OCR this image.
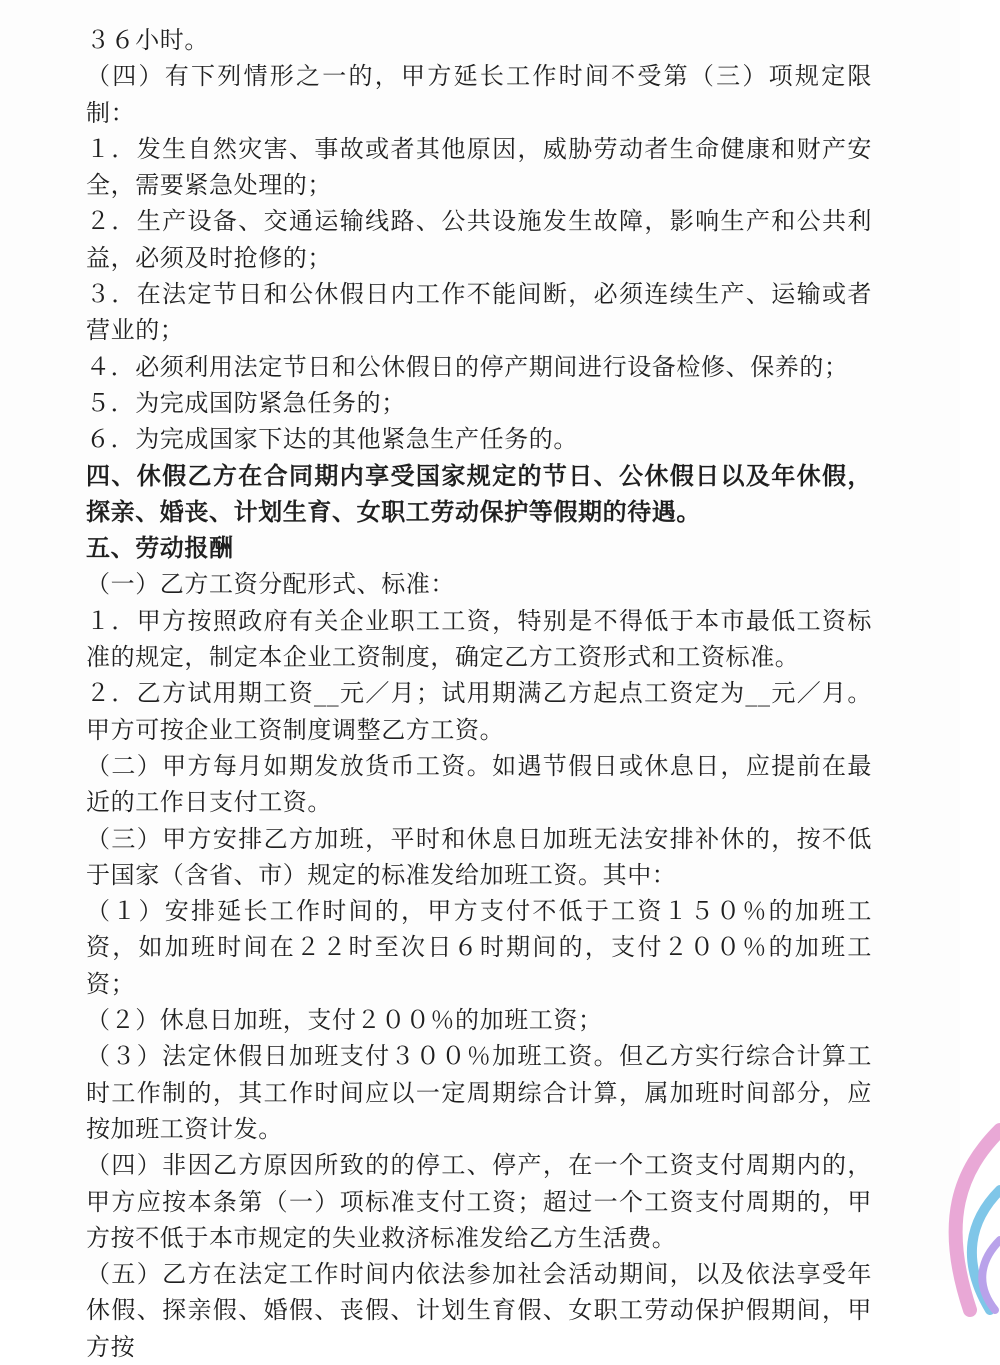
３６小时。

（四）有下列情形之一的，甲方延长工作时间不受第（三）项规定限制：

１．发生自然灾害、事故或者其他原因，威胁劳动者生命健康和财产安全，需要紧急处理的；

２．生产设备、交通运输线路、公共设施发生故障，影响生产和公共利益，必须及时抢修的；

３．在法定节日和公休假日内工作不能间断，必须连续生产、运输或者营业的；

４．必须利用法定节日和公休假日的停产期间进行设备检修、保养的；

５．为完成国防紧急任务的；

６．为完成国家下达的其他紧急生产任务的。

四、休假乙方在合同期内享受国家规定的节日、公休假日以及年休假，探亲、婚丧、计划生育、女职工劳动保护等假期的待遇。

五、劳动报酬

（一）乙方工资分配形式、标准：

１．甲方按照政府有关企业职工工资，特别是不得低于本市最低工资标准的规定，制定本企业工资制度，确定乙方工资形式和工资标准。

２．乙方试用期工资__元／月；试用期满乙方起点工资定为__元／月。甲方可按企业工资制度调整乙方工资。

（二）甲方每月如期发放货币工资。如遇节假日或休息日，应提前在最近的工作日支付工资。

（三）甲方安排乙方加班，平时和休息日加班无法安排补休的，按不低于国家（含省、市）规定的标准发给加班工资。其中：

（１）安排延长工作时间的，甲方支付不低于工资１５０％的加班工资，如加班时间在２２时至次日６时期间的，支付２００％的加班工资；

（２）休息日加班，支付２００％的加班工资；

（３）法定休假日加班支付３００％加班工资。但乙方实行综合计算工时工作制的，其工作时间应以一定周期综合计算，属加班时间部分，应按加班工资计发。

（四）非因乙方原因所致的的停工、停产，在一个工资支付周期内的，甲方应按本条第（一）项标准支付工资；超过一个工资支付周期的，甲方按不低于本市规定的失业救济标准发给乙方生活费。

（五）乙方在法定工作时间内依法参加社会活动期间，以及依法享受年休假、探亲假、婚假、丧假、计划生育假、女职工劳动保护假期间，甲方按
